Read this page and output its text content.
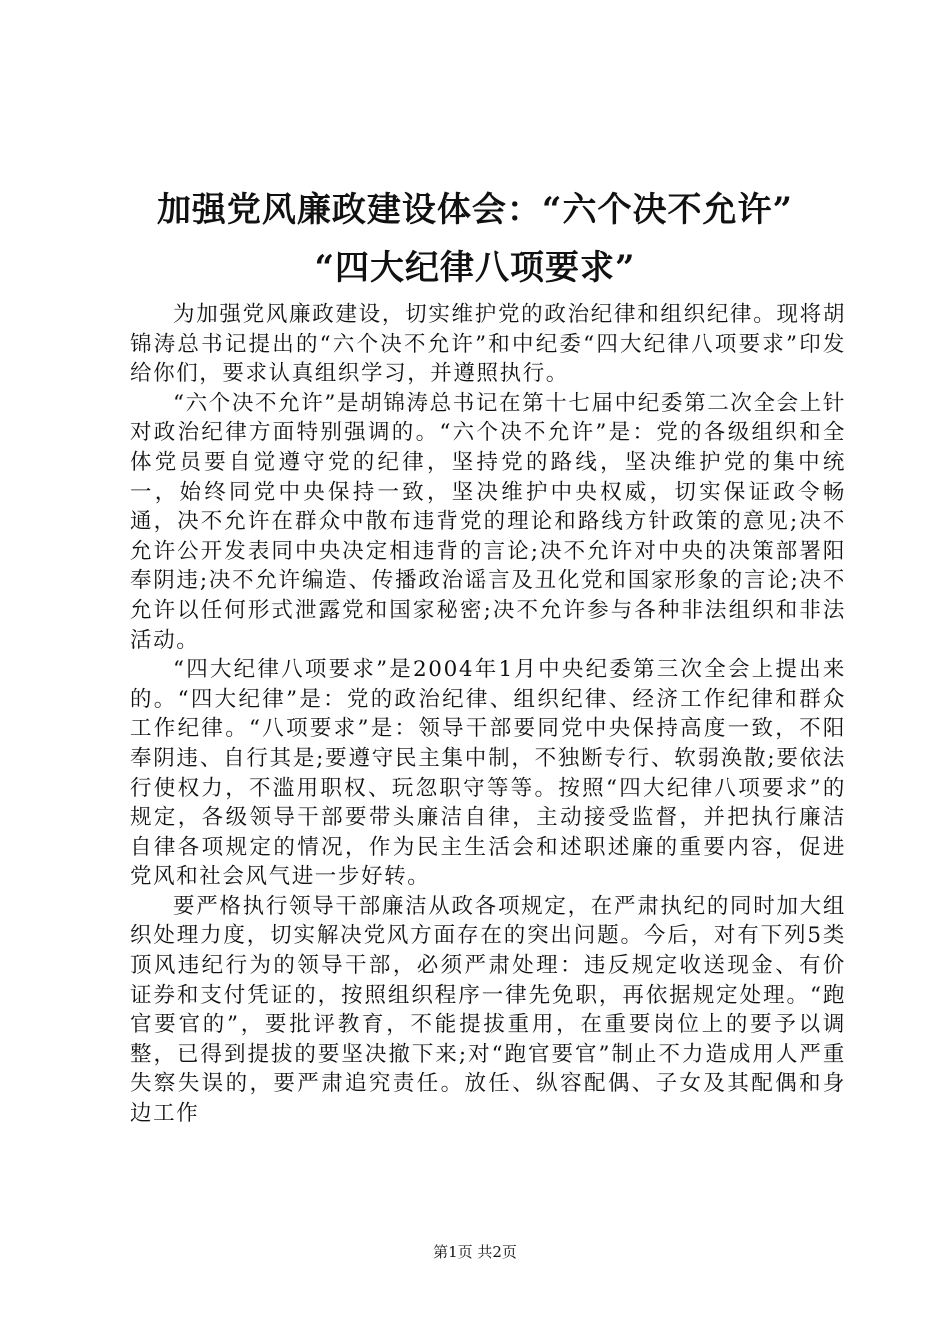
加强党风廉政建设体会：“六个决不允许”
“四大纪律八项要求”

为加强党风廉政建设，切实维护党的政治纪律和组织纪律。现将胡锦涛总书记提出的“六个决不允许”和中纪委“四大纪律八项要求”印发给你们，要求认真组织学习，并遵照执行。

“六个决不允许”是胡锦涛总书记在第十七届中纪委第二次全会上针对政治纪律方面特别强调的。“六个决不允许”是：党的各级组织和全体党员要自觉遵守党的纪律，坚持党的路线，坚决维护党的集中统一，始终同党中央保持一致，坚决维护中央权威，切实保证政令畅通，决不允许在群众中散布违背党的理论和路线方针政策的意见;决不允许公开发表同中央决定相违背的言论;决不允许对中央的决策部署阳奉阴违;决不允许编造、传播政治谣言及丑化党和国家形象的言论;决不允许以任何形式泄露党和国家秘密;决不允许参与各种非法组织和非法活动。

“四大纪律八项要求”是2004年1月中央纪委第三次全会上提出来的。“四大纪律”是：党的政治纪律、组织纪律、经济工作纪律和群众工作纪律。“八项要求”是：领导干部要同党中央保持高度一致，不阳奉阴违、自行其是;要遵守民主集中制，不独断专行、软弱涣散;要依法行使权力，不滥用职权、玩忽职守等等。按照“四大纪律八项要求”的规定，各级领导干部要带头廉洁自律，主动接受监督，并把执行廉洁自律各项规定的情况，作为民主生活会和述职述廉的重要内容，促进党风和社会风气进一步好转。

要严格执行领导干部廉洁从政各项规定，在严肃执纪的同时加大组织处理力度，切实解决党风方面存在的突出问题。今后，对有下列5类顶风违纪行为的领导干部，必须严肃处理：违反规定收送现金、有价证券和支付凭证的，按照组织程序一律先免职，再依据规定处理。“跑官要官的”，要批评教育，不能提拔重用，在重要岗位上的要予以调整，已得到提拔的要坚决撤下来;对“跑官要官”制止不力造成用人严重失察失误的，要严肃追究责任。放任、纵容配偶、子女及其配偶和身边工作

第1页 共2页
